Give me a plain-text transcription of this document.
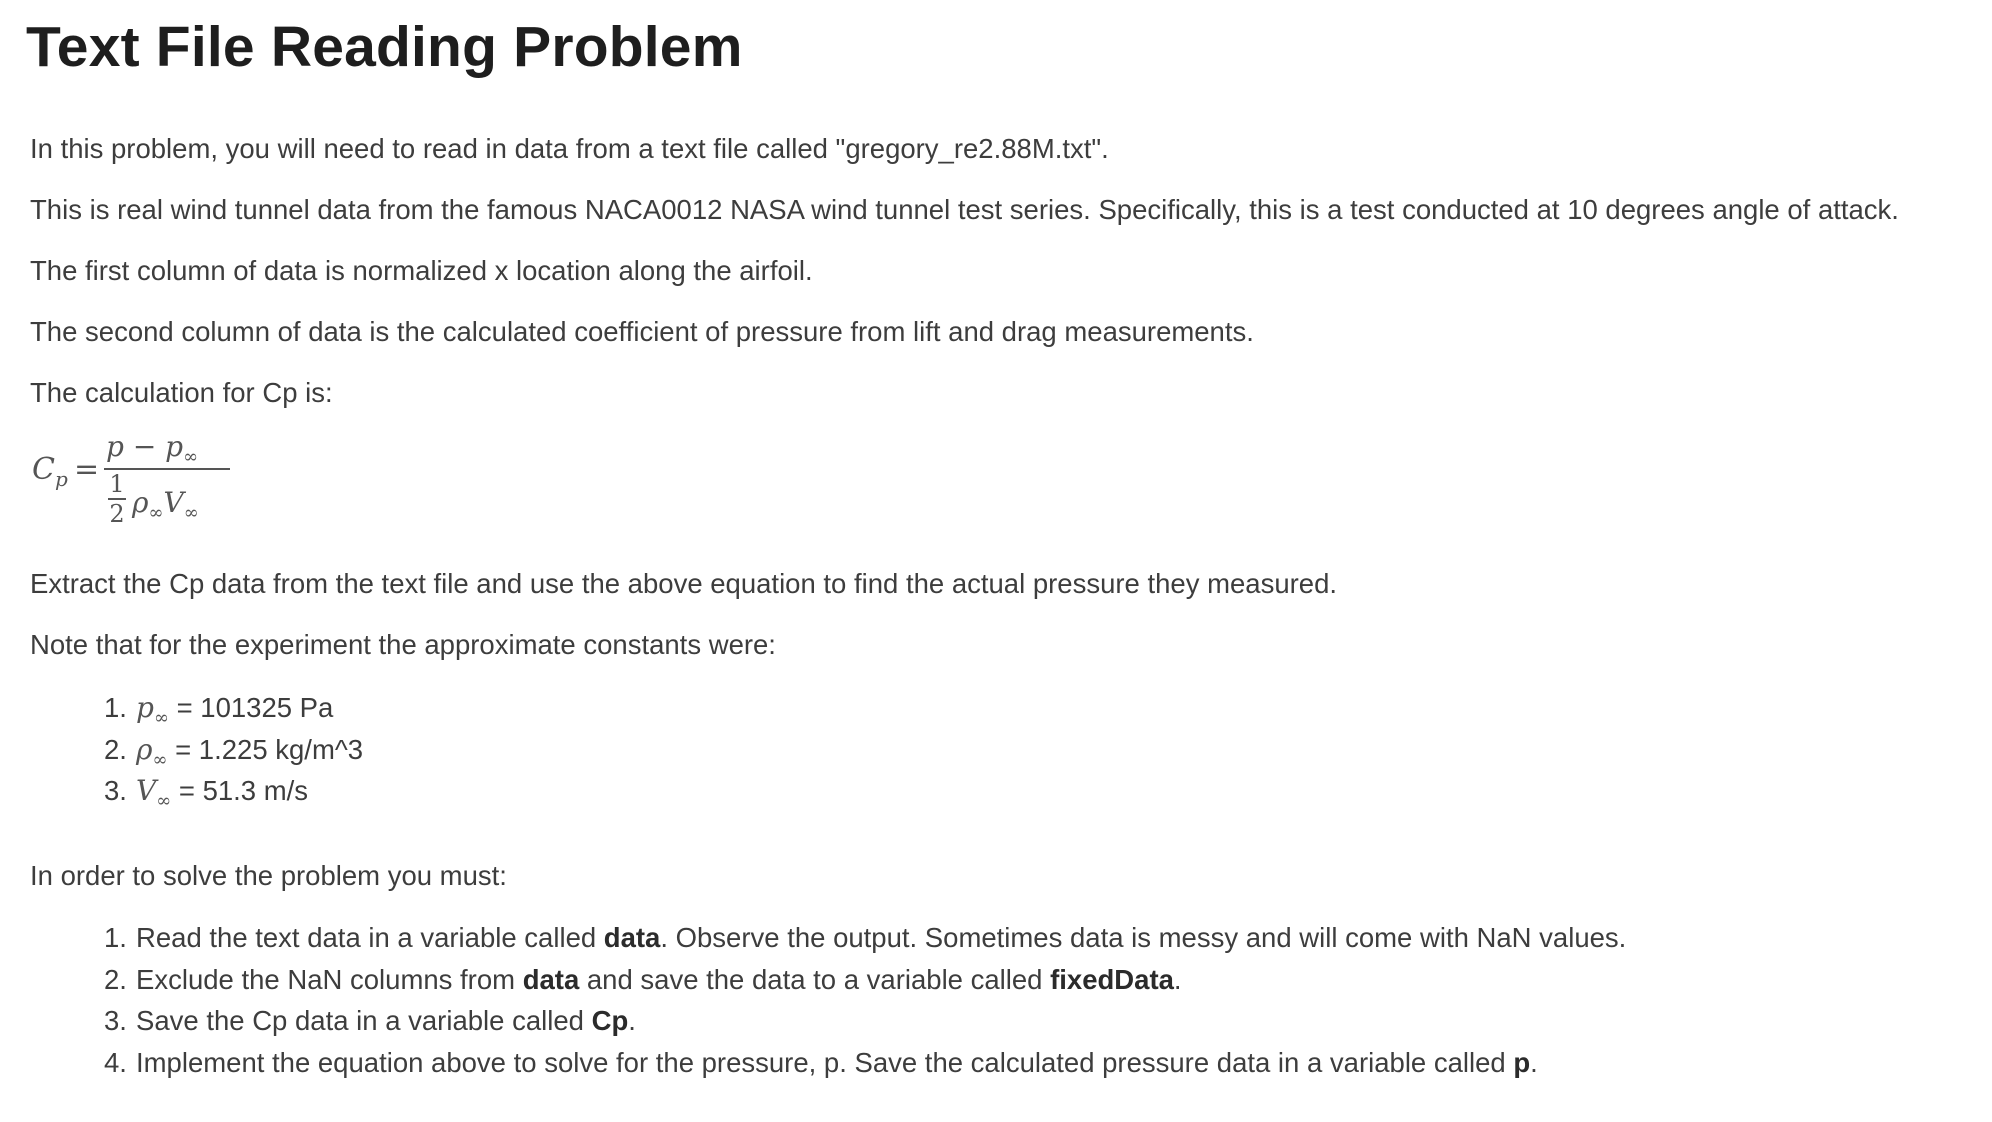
Text File Reading Problem

In this problem, you will need to read in data from a text file called "gregory_re2.88M.txt".

This is real wind tunnel data from the famous NACA0012 NASA wind tunnel test series. Specifically, this is a test conducted at 10 degrees angle of attack.

The first column of data is normalized x location along the airfoil.

The second column of data is the calculated coefficient of pressure from lift and drag measurements.

The calculation for Cp is:

$C_p$ =
$p - p_\infty$
1
2 $\rho_\infty V_\infty$

Extract the Cp data from the text file and use the above equation to find the actual pressure they measured.

Note that for the experiment the approximate constants were:

1. $p_\infty = 101325$ Pa
2. $\rho_\infty = 1.225$ kg/m^3
3. $V_\infty = 51.3$ m/s

In order to solve the problem you must:

1. Read the text data in a variable called data. Observe the output. Sometimes data is messy and will come with NaN values.
2. Exclude the NaN columns from data and save the data to a variable called fixedData.
3. Save the Cp data in a variable called Cp.
4. Implement the equation above to solve for the pressure, p. Save the calculated pressure data in a variable called p.
